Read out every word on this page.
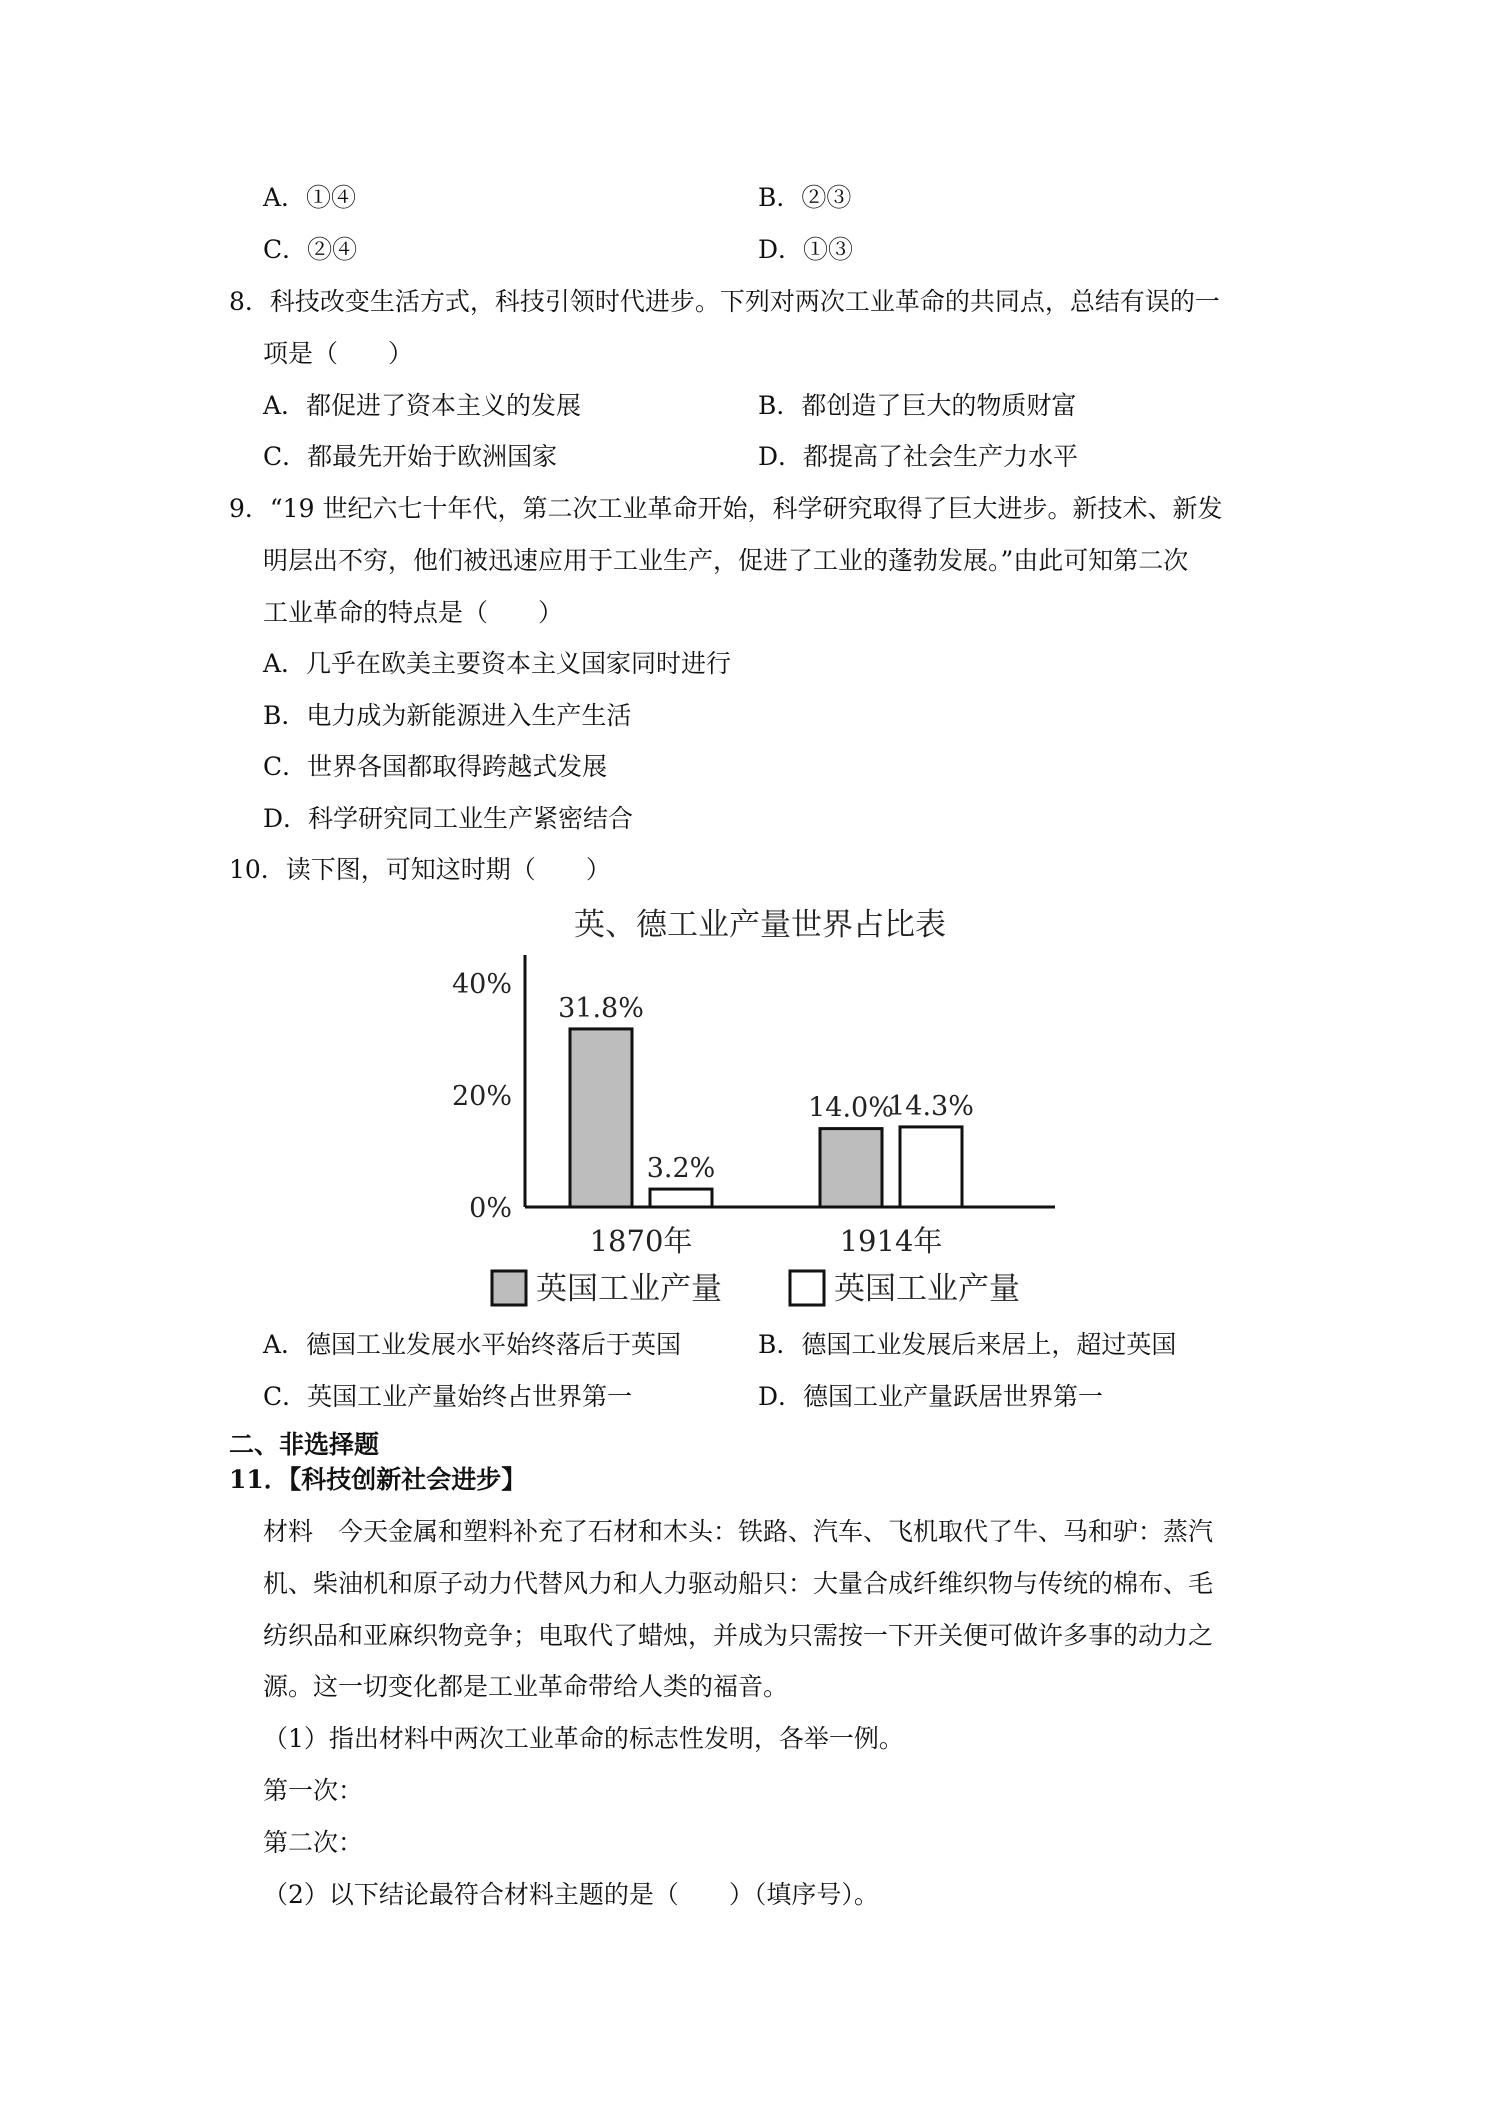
A．①④	B．②③
C．②④	D．①③
8．科技改变生活方式，科技引领时代进步。下列对两次工业革命的共同点，总结有误的一
项是（　　）
A．都促进了资本主义的发展	B．都创造了巨大的物质财富
C．都最先开始于欧洲国家	D．都提高了社会生产力水平
9．“19 世纪六七十年代，第二次工业革命开始，科学研究取得了巨大进步。新技术、新发
明层出不穷，他们被迅速应用于工业生产，促进了工业的蓬勃发展。”由此可知第二次
工业革命的特点是（　　）
A．几乎在欧美主要资本主义国家同时进行
B．电力成为新能源进入生产生活
C．世界各国都取得跨越式发展
D．科学研究同工业生产紧密结合
10．读下图，可知这时期（　　）
英、德工业产量世界占比表
0%
20%
40%
31.8%
3.2%
14.0%
14.3%
1870年	1914年
英国工业产量	英国工业产量
A．德国工业发展水平始终落后于英国	B．德国工业发展后来居上，超过英国
C．英国工业产量始终占世界第一	D．德国工业产量跃居世界第一
二、非选择题
11．【科技创新社会进步】
材料　今天金属和塑料补充了石材和木头：铁路、汽车、飞机取代了牛、马和驴：蒸汽
机、柴油机和原子动力代替风力和人力驱动船只：大量合成纤维织物与传统的棉布、毛
纺织品和亚麻织物竞争；电取代了蜡烛，并成为只需按一下开关便可做许多事的动力之
源。这一切变化都是工业革命带给人类的福音。
（1）指出材料中两次工业革命的标志性发明，各举一例。
第一次：
第二次：
（2）以下结论最符合材料主题的是（　　）（填序号）。
